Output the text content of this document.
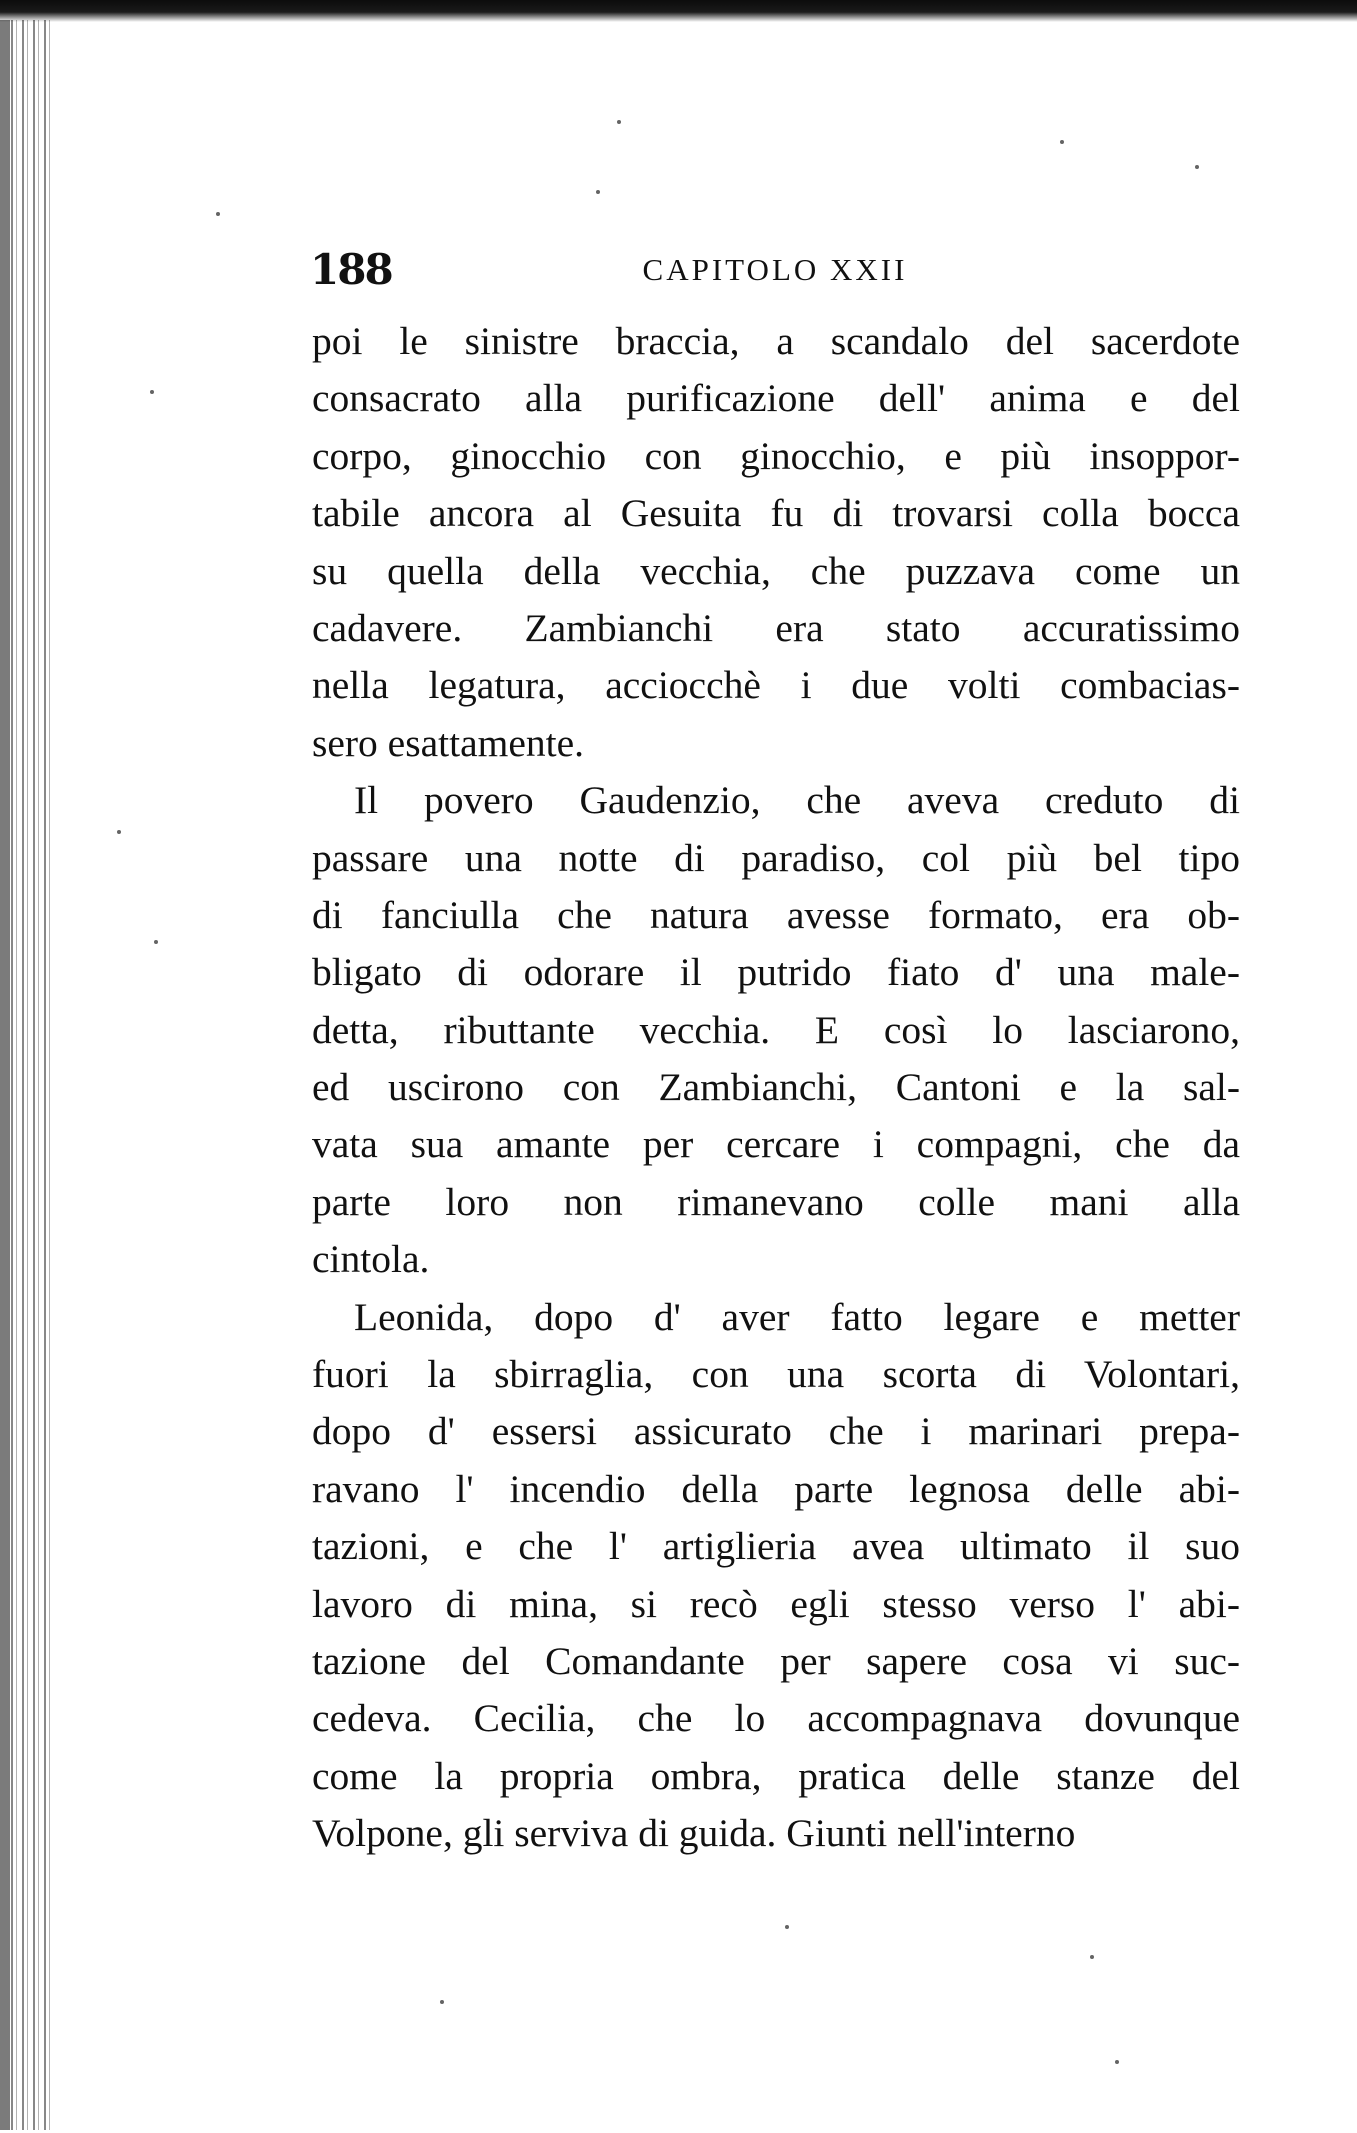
188	CAPITOLO XXII

poi le sinistre braccia, a scandalo del sacerdote
consacrato alla purificazione dell' anima e del
corpo, ginocchio con ginocchio, e più insoppor-
tabile ancora al Gesuita fu di trovarsi colla bocca
su quella della vecchia, che puzzava come un
cadavere. Zambianchi era stato accuratissimo
nella legatura, acciocchè i due volti combacias-
sero esattamente.

Il povero Gaudenzio, che aveva creduto di
passare una notte di paradiso, col più bel tipo
di fanciulla che natura avesse formato, era ob-
bligato di odorare il putrido fiato d' una male-
detta, ributtante vecchia. E così lo lasciarono,
ed uscirono con Zambianchi, Cantoni e la sal-
vata sua amante per cercare i compagni, che da
parte loro non rimanevano colle mani alla
cintola.

Leonida, dopo d' aver fatto legare e metter
fuori la sbirraglia, con una scorta di Volontari,
dopo d' essersi assicurato che i marinari prepa-
ravano l' incendio della parte legnosa delle abi-
tazioni, e che l' artiglieria avea ultimato il suo
lavoro di mina, si recò egli stesso verso l' abi-
tazione del Comandante per sapere cosa vi suc-
cedeva. Cecilia, che lo accompagnava dovunque
come la propria ombra, pratica delle stanze del
Volpone, gli serviva di guida. Giunti nell'interno
